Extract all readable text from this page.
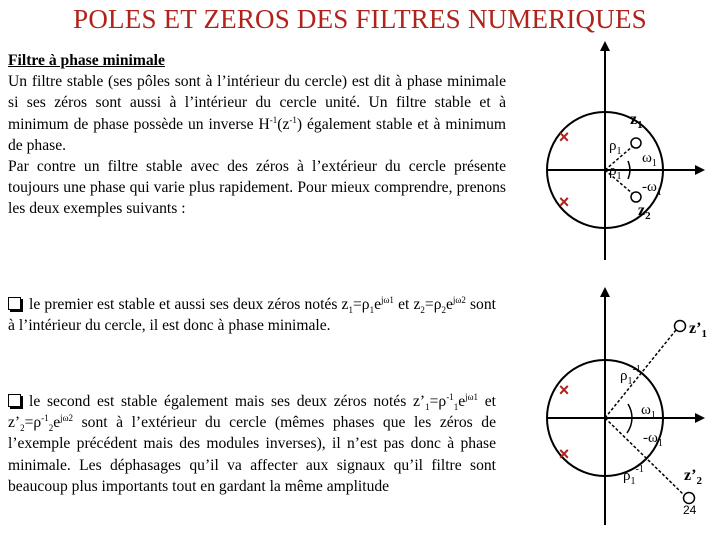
POLES ET ZEROS DES FILTRES NUMERIQUES
Filtre à phase minimale
Un filtre stable (ses pôles sont à l’intérieur du cercle) est dit à phase minimale si ses zéros sont aussi à l’intérieur du cercle unité. Un filtre stable et à minimum de phase possède un inverse $H^{-1}(z^{-1})$ également stable et à minimum de phase.
Par contre un filtre stable avec des zéros à l’extérieur du cercle présente toujours une phase qui varie plus rapidement. Pour mieux comprendre, prenons les deux exemples suivants :
le premier est stable et aussi ses deux zéros notés $z_1=\rho_1e^{j\omega 1}$ et $z_2=\rho_2e^{j\omega 2}$ sont à l’intérieur du cercle, il est donc à phase minimale.
le second est stable également mais ses deux zéros notés $z’_1=\rho^{-1}_1e^{j\omega 1}$ et $z’_2=\rho^{-1}_2e^{j\omega 2}$ sont à l’extérieur du cercle (mêmes phases que les zéros de l’exemple précédent mais des modules inverses), il n’est pas donc à phase minimale. Les déphasages qu’il va affecter aux signaux qu’il filtre sont beaucoup plus importants tout en gardant la même amplitude
×
×
$z_1$
$\rho_1$ $\omega_1$
$\rho_1$
$-\omega_1$
$z_2$
×
×
$z’_1$
$\rho_1^{-1}$
$\omega_1$
$-\omega_1$
$\rho_1^{-1}$	$z’_2$
24
